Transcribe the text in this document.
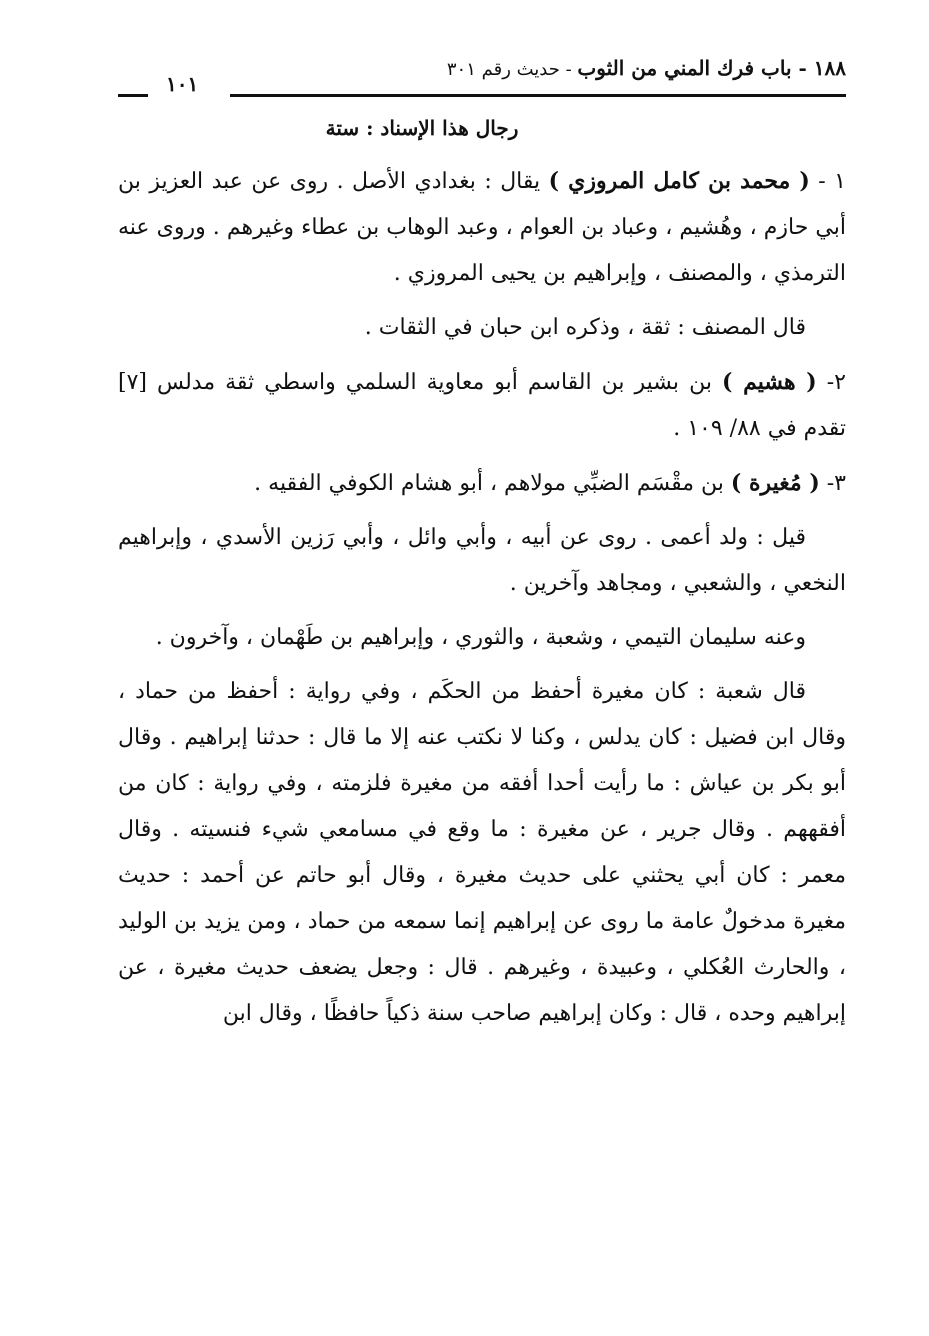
١٨٨ - باب فرك المني من الثوب - حديث رقم ٣٠١
١٠١
رجال هذا الإسناد : ستة

١ - ( محمد بن كامل المروزي ) يقال : بغدادي الأصل . روى عن عبد العزيز بن أبي حازم ، وهُشيم ، وعباد بن العوام ، وعبد الوهاب بن عطاء وغيرهم . وروى عنه الترمذي ، والمصنف ، وإبراهيم بن يحيى المروزي .

قال المصنف : ثقة ، وذكره ابن حبان في الثقات .

٢- ( هشيم ) بن بشير بن القاسم أبو معاوية السلمي واسطي ثقة مدلس [٧] تقدم في ٨٨/ ١٠٩ .

٣- ( مُغيرة ) بن مقْسَم الضبِّي مولاهم ، أبو هشام الكوفي الفقيه .

قيل : ولد أعمى . روى عن أبيه ، وأبي وائل ، وأبي رَزين الأسدي ، وإبراهيم النخعي ، والشعبي ، ومجاهد وآخرين .

وعنه سليمان التيمي ، وشعبة ، والثوري ، وإبراهيم بن طَهْمان ، وآخرون .

قال شعبة : كان مغيرة أحفظ من الحكَم ، وفي رواية : أحفظ من حماد ، وقال ابن فضيل : كان يدلس ، وكنا لا نكتب عنه إلا ما قال : حدثنا إبراهيم . وقال أبو بكر بن عياش : ما رأيت أحدا أفقه من مغيرة فلزمته ، وفي رواية : كان من أفقههم . وقال جرير ، عن مغيرة : ما وقع في مسامعي شيء فنسيته . وقال معمر : كان أبي يحثني على حديث مغيرة ، وقال أبو حاتم عن أحمد : حديث مغيرة مدخولٌ عامة ما روى عن إبراهيم إنما سمعه من حماد ، ومن يزيد بن الوليد ، والحارث العُكلي ، وعبيدة ، وغيرهم . قال : وجعل يضعف حديث مغيرة ، عن إبراهيم وحده ، قال : وكان إبراهيم صاحب سنة ذكياً حافظًا ، وقال ابن
